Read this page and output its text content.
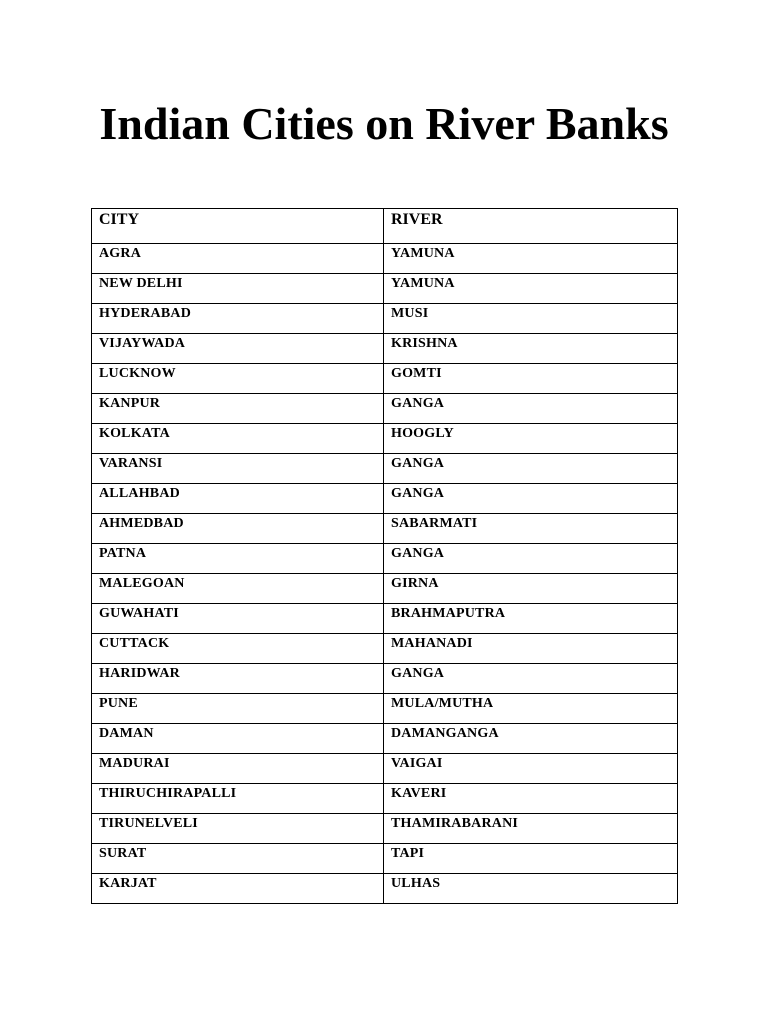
Indian Cities on River Banks
CITY	RIVER
AGRA	YAMUNA
NEW DELHI	YAMUNA
HYDERABAD	MUSI
VIJAYWADA	KRISHNA
LUCKNOW	GOMTI
KANPUR	GANGA
KOLKATA	HOOGLY
VARANSI	GANGA
ALLAHBAD	GANGA
AHMEDBAD	SABARMATI
PATNA	GANGA
MALEGOAN	GIRNA
GUWAHATI	BRAHMAPUTRA
CUTTACK	MAHANADI
HARIDWAR	GANGA
PUNE	MULA/MUTHA
DAMAN	DAMANGANGA
MADURAI	VAIGAI
THIRUCHIRAPALLI	KAVERI
TIRUNELVELI	THAMIRABARANI
SURAT	TAPI
KARJAT	ULHAS
